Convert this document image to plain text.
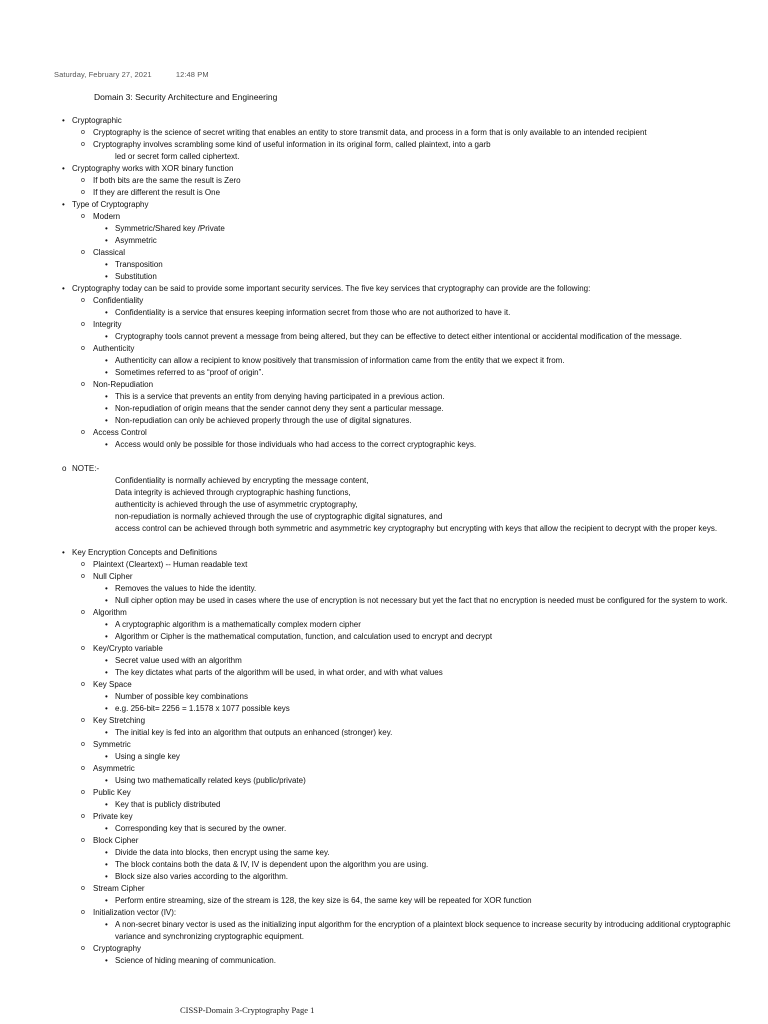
Saturday, February 27, 2021	12:48 PM
Domain 3: Security Architecture and Engineering
• Cryptographic
o Cryptography is the science of secret writing that enables an entity to store transmit data, and process in a form that is only available to an intended recipient
o Cryptography involves scrambling some kind of useful information in its original form, called plaintext, into a garb
led or secret form called ciphertext.
• Cryptography works with XOR binary function
o If both bits are the same the result is Zero
o If they are different the result is One
• Type of Cryptography
o Modern
• Symmetric/Shared key /Private
• Asymmetric
o Classical
• Transposition
• Substitution
• Cryptography today can be said to provide some important security services. The five key services that cryptography can provide are the following:
o Confidentiality
• Confidentiality is a service that ensures keeping information secret from those who are not authorized to have it.
o Integrity
• Cryptography tools cannot prevent a message from being altered, but they can be effective to detect either intentional or accidental modification of the message.
o Authenticity
• Authenticity can allow a recipient to know positively that transmission of information came from the entity that we expect it from.
• Sometimes referred to as “proof of origin”.
o Non-Repudiation
• This is a service that prevents an entity from denying having participated in a previous action.
• Non-repudiation of origin means that the sender cannot deny they sent a particular message.
• Non-repudiation can only be achieved properly through the use of digital signatures.
o Access Control
• Access would only be possible for those individuals who had access to the correct cryptographic keys.
o NOTE:-
Confidentiality is normally achieved by encrypting the message content,
Data integrity is achieved through cryptographic hashing functions,
authenticity is achieved through the use of asymmetric cryptography,
non-repudiation is normally achieved through the use of cryptographic digital signatures, and
access control can be achieved through both symmetric and asymmetric key cryptography but encrypting with keys that allow the recipient to decrypt with the proper keys.
• Key Encryption Concepts and Definitions
o Plaintext (Cleartext) -- Human readable text
o Null Cipher
• Removes the values to hide the identity.
• Null cipher option may be used in cases where the use of encryption is not necessary but yet the fact that no encryption is needed must be configured for the system to work.
o Algorithm
• A cryptographic algorithm is a mathematically complex modern cipher
• Algorithm or Cipher is the mathematical computation, function, and calculation used to encrypt and decrypt
o Key/Crypto variable
• Secret value used with an algorithm
• The key dictates what parts of the algorithm will be used, in what order, and with what values
o Key Space
• Number of possible key combinations
• e.g. 256-bit= 2256 = 1.1578 x 1077 possible keys
o Key Stretching
• The initial key is fed into an algorithm that outputs an enhanced (stronger) key.
o Symmetric
• Using a single key
o Asymmetric
• Using two mathematically related keys (public/private)
o Public Key
• Key that is publicly distributed
o Private key
• Corresponding key that is secured by the owner.
o Block Cipher
• Divide the data into blocks, then encrypt using the same key.
• The block contains both the data & IV, IV is dependent upon the algorithm you are using.
• Block size also varies according to the algorithm.
o Stream Cipher
• Perform entire streaming, size of the stream is 128, the key size is 64, the same key will be repeated for XOR function
o Initialization vector (IV):
• A non-secret binary vector is used as the initializing input algorithm for the encryption of a plaintext block sequence to increase security by introducing additional cryptographic variance and synchronizing cryptographic equipment.
o Cryptography
• Science of hiding meaning of communication.
CISSP-Domain 3-Cryptography Page 1
